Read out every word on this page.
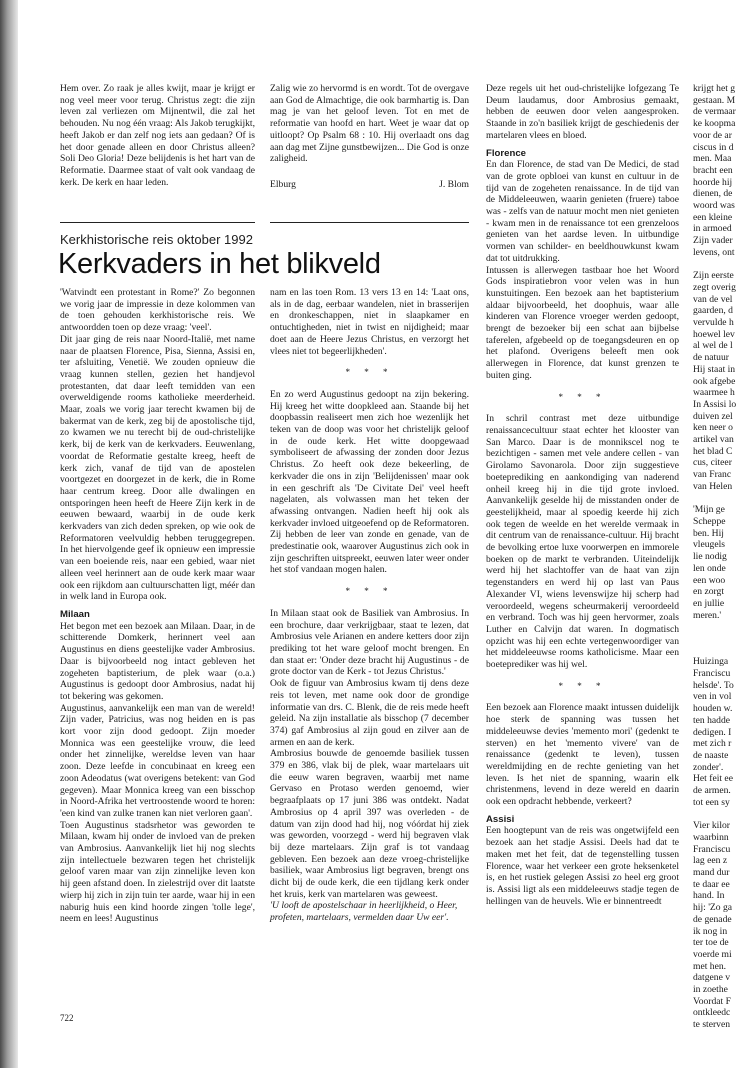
Hem over. Zo raak je alles kwijt, maar je krijgt er nog veel meer voor terug. Christus zegt: die zijn leven zal verliezen om Mijnentwil, die zal het behouden. Nu nog één vraag: Als Jakob terugkijkt, heeft Jakob er dan zelf nog iets aan gedaan? Of is het door genade alleen en door Christus alleen? Soli Deo Gloria! Deze belijdenis is het hart van de Reformatie. Daarmee staat of valt ook vandaag de kerk. De kerk en haar leden.

Zalig wie zo hervormd is en wordt. Tot de overgave aan God de Almachtige, die ook barmhartig is. Dan mag je van het geloof leven. Tot en met de reformatie van hoofd en hart. Weet je waar dat op uitloopt? Op Psalm 68 : 10. Hij overlaadt ons dag aan dag met Zijne gunstbewijzen... Die God is onze zaligheid.

Elburg	J. Blom
Kerkhistorische reis oktober 1992
Kerkvaders in het blikveld

'Watvindt een protestant in Rome?' Zo begonnen we vorig jaar de impressie in deze kolommen van de toen gehouden kerkhistorische reis. We antwoordden toen op deze vraag: 'veel'.

Dit jaar ging de reis naar Noord-Italië, met name naar de plaatsen Florence, Pisa, Sienna, Assisi en, ter afsluiting, Venetië. We zouden opnieuw die vraag kunnen stellen, gezien het handjevol protestanten, dat daar leeft temidden van een overweldigende rooms katholieke meerderheid. Maar, zoals we vorig jaar terecht kwamen bij de bakermat van de kerk, zeg bij de apostolische tijd, zo kwamen we nu terecht bij de oud-christelijke kerk, bij de kerk van de kerkvaders. Eeuwenlang, voordat de Reformatie gestalte kreeg, heeft de kerk zich, vanaf de tijd van de apostelen voortgezet en doorgezet in de kerk, die in Rome haar centrum kreeg. Door alle dwalingen en ontsporingen heen heeft de Heere Zijn kerk in de eeuwen bewaard, waarbij in de oude kerk kerkvaders van zich deden spreken, op wie ook de Reformatoren veelvuldig hebben teruggegrepen. In het hiervolgende geef ik opnieuw een impressie van een boeiende reis, naar een gebied, waar niet alleen veel herinnert aan de oude kerk maar waar ook een rijkdom aan cultuurschatten ligt, méér dan in welk land in Europa ook.

Milaan

Het begon met een bezoek aan Milaan. Daar, in de schitterende Domkerk, herinnert veel aan Augustinus en diens geestelijke vader Ambrosius. Daar is bijvoorbeeld nog intact gebleven het zogeheten baptisterium, de plek waar (o.a.) Augustinus is gedoopt door Ambrosius, nadat hij tot bekering was gekomen.

Augustinus, aanvankelijk een man van de wereld! Zijn vader, Patricius, was nog heiden en is pas kort voor zijn dood gedoopt. Zijn moeder Monnica was een geestelijke vrouw, die leed onder het zinnelijke, wereldse leven van haar zoon. Deze leefde in concubinaat en kreeg een zoon Adeodatus (wat overigens betekent: van God gegeven). Maar Monnica kreeg van een bisschop in Noord-Afrika het vertroostende woord te horen: 'een kind van zulke tranen kan niet verloren gaan'.

Toen Augustinus stadsrhetor was geworden te Milaan, kwam hij onder de invloed van de preken van Ambrosius. Aanvankelijk liet hij nog slechts zijn intellectuele bezwaren tegen het christelijk geloof varen maar van zijn zinnelijke leven kon hij geen afstand doen. In zielestrijd over dit laatste wierp hij zich in zijn tuin ter aarde, waar hij in een naburig huis een kind hoorde zingen 'tolle lege', neem en lees! Augustinus

nam en las toen Rom. 13 vers 13 en 14: 'Laat ons, als in de dag, eerbaar wandelen, niet in brasserijen en dronkeschappen, niet in slaapkamer en ontuchtigheden, niet in twist en nijdigheid; maar doet aan de Heere Jezus Christus, en verzorgt het vlees niet tot begeerlijkheden'.

* * *

En zo werd Augustinus gedoopt na zijn bekering. Hij kreeg het witte doopkleed aan. Staande bij het doopbassin realiseert men zich hoe wezenlijk het teken van de doop was voor het christelijk geloof in de oude kerk. Het witte doopgewaad symboliseert de afwassing der zonden door Jezus Christus. Zo heeft ook deze bekeerling, de kerkvader die ons in zijn 'Belijdenissen' maar ook in een geschrift als 'De Civitate Dei' veel heeft nagelaten, als volwassen man het teken der afwassing ontvangen. Nadien heeft hij ook als kerkvader invloed uitgeoefend op de Reformatoren. Zij hebben de leer van zonde en genade, van de predestinatie ook, waarover Augustinus zich ook in zijn geschriften uitspreekt, eeuwen later weer onder het stof vandaan mogen halen.

* * *

In Milaan staat ook de Basiliek van Ambrosius. In een brochure, daar verkrijgbaar, staat te lezen, dat Ambrosius vele Arianen en andere ketters door zijn prediking tot het ware geloof mocht brengen. En dan staat er: 'Onder deze bracht hij Augustinus - de grote doctor van de Kerk - tot Jezus Christus.'

Ook de figuur van Ambrosius kwam tij dens deze reis tot leven, met name ook door de grondige informatie van drs. C. Blenk, die de reis mede heeft geleid. Na zijn installatie als bisschop (7 december 374) gaf Ambrosius al zijn goud en zilver aan de armen en aan de kerk.

Ambrosius bouwde de genoemde basiliek tussen 379 en 386, vlak bij de plek, waar martelaars uit die eeuw waren begraven, waarbij met name Gervaso en Protaso werden genoemd, wier begraafplaats op 17 juni 386 was ontdekt. Nadat Ambrosius op 4 april 397 was overleden - de datum van zijn dood had hij, nog vóórdat hij ziek was geworden, voorzegd - werd hij begraven vlak bij deze martelaars. Zijn graf is tot vandaag gebleven. Een bezoek aan deze vroeg-christelijke basiliek, waar Ambrosius ligt begraven, brengt ons dicht bij de oude kerk, die een tijdlang kerk onder het kruis, kerk van martelaren was geweest.

'U looft de apostelschaar in heerlijkheid, o Heer,

profeten, martelaars, vermelden daar Uw eer'.

Deze regels uit het oud-christelijke lofgezang Te Deum laudamus, door Ambrosius gemaakt, hebben de eeuwen door velen aangesproken. Staande in zo'n basiliek krijgt de geschiedenis der martelaren vlees en bloed.

Florence

En dan Florence, de stad van De Medici, de stad van de grote opbloei van kunst en cultuur in de tijd van de zogeheten renaissance. In de tijd van de Middeleeuwen, waarin genieten (fruere) taboe was - zelfs van de natuur mocht men niet genieten - kwam men in de renaissance tot een grenzeloos genieten van het aardse leven. In uitbundige vormen van schilder- en beeldhouwkunst kwam dat tot uitdrukking.

Intussen is allerwegen tastbaar hoe het Woord Gods inspiratiebron voor velen was in hun kunstuitingen. Een bezoek aan het baptisterium aldaar bijvoorbeeld, het doophuis, waar alle kinderen van Florence vroeger werden gedoopt, brengt de bezoeker bij een schat aan bijbelse taferelen, afgebeeld op de toegangsdeuren en op het plafond. Overigens beleeft men ook allerwegen in Florence, dat kunst grenzen te buiten ging.

* * *

In schril contrast met deze uitbundige renaissancecultuur staat echter het klooster van San Marco. Daar is de monnikscel nog te bezichtigen - samen met vele andere cellen - van Girolamo Savonarola. Door zijn suggestieve boeteprediking en aankondiging van naderend onheil kreeg hij in die tijd grote invloed. Aanvankelijk geselde hij de misstanden onder de geestelijkheid, maar al spoedig keerde hij zich ook tegen de weelde en het werelde vermaak in dit centrum van de renaissance-cultuur. Hij bracht de bevolking ertoe luxe voorwerpen en immorele boeken op de markt te verbranden. Uiteindelijk werd hij het slachtoffer van de haat van zijn tegenstanders en werd hij op last van Paus Alexander VI, wiens levenswijze hij scherp had veroordeeld, wegens scheurmakerij veroordeeld en verbrand. Toch was hij geen hervormer, zoals Luther en Calvijn dat waren. In dogmatisch opzicht was hij een echte vertegenwoordiger van het middeleeuwse rooms katholicisme. Maar een boeteprediker was hij wel.

* * *

Een bezoek aan Florence maakt intussen duidelijk hoe sterk de spanning was tussen het middeleeuwse devies 'memento mori' (gedenkt te sterven) en het 'memento vivere' van de renaissance (gedenkt te leven), tussen wereldmijding en de rechte genieting van het leven. Is het niet de spanning, waarin elk christenmens, levend in deze wereld en daarin ook een opdracht hebbende, verkeert?

Assisi

Een hoogtepunt van de reis was ongetwijfeld een bezoek aan het stadje Assisi. Deels had dat te maken met het feit, dat de tegenstelling tussen Florence, waar het verkeer een grote heksenketel is, en het rustiek gelegen Assisi zo heel erg groot is. Assisi ligt als een middeleeuws stadje tegen de hellingen van de heuvels. Wie er binnentreedt

krijgt het g
gestaan. M
de vermaar
ke koopma
voor de ar
ciscus in d
men. Maa
bracht een
hoorde hij
dienen, de
woord was
een kleine
in armoed
Zijn vader
levens, ont
Zijn eerste
zegt overig
van de vel
gaarden, d
vervulde h
hoewel lev
al wel de l
de natuur
Hij staat in
ook afgebe
waarmee h
In Assisi lo
duiven zel
ken neer o
artikel van
het blad C
cus, citeer
van Franc
van Helen
'Mijn ge
Scheppe
ben. Hij
vleugels
lie nodig
len onde
een woo
en zorgt
en jullie
meren.'
Huizinga
Franciscu
helsde'. To
ven in vol
houden w.
ten hadde
dedigen. I
met zich r
de naaste
zonder'.
Het feit ee
de armen.
tot een sy
Vier kilor
waarbinn
Franciscu
lag een z
mand dur
te daar ee
hand. In
hij: 'Zo ga
de genade
ik nog in
ter toe de
voerde mi
met hen.
datgene v
in zoethe
Voordat F
ontkleedc
te sterven
722
